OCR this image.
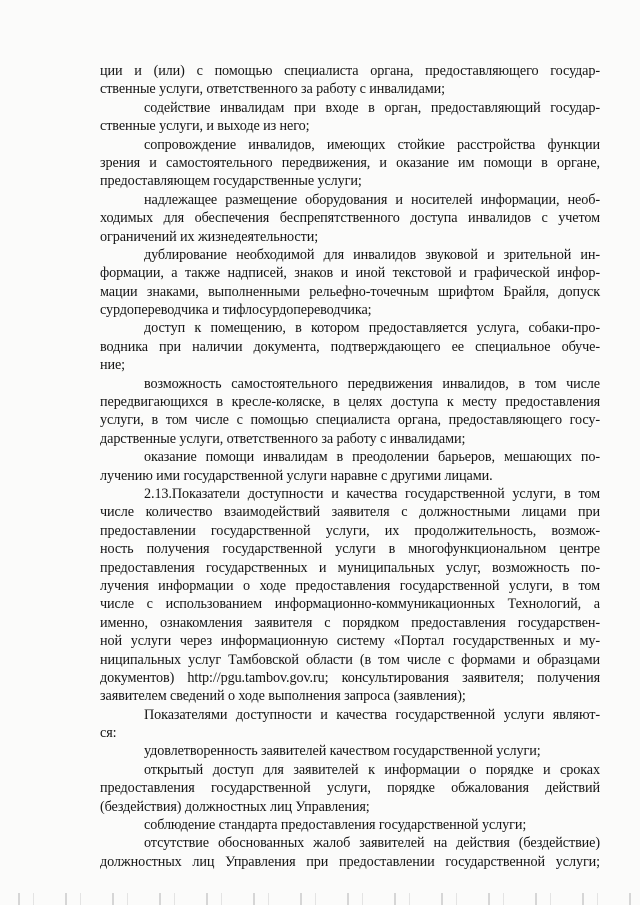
ции и (или) с помощью специалиста органа, предоставляющего государ-
ственные услуги, ответственного за работу с инвалидами;
содействие инвалидам при входе в орган, предоставляющий государ-
ственные услуги, и выходе из него;
сопровождение инвалидов, имеющих стойкие расстройства функции
зрения и самостоятельного передвижения, и оказание им помощи в органе,
предоставляющем государственные услуги;
надлежащее размещение оборудования и носителей информации, необ-
ходимых для обеспечения беспрепятственного доступа инвалидов с учетом
ограничений их жизнедеятельности;
дублирование необходимой для инвалидов звуковой и зрительной ин-
формации, а также надписей, знаков и иной текстовой и графической инфор-
мации знаками, выполненными рельефно-точечным шрифтом Брайля, допуск
сурдопереводчика и тифлосурдопереводчика;
доступ к помещению, в котором предоставляется услуга, собаки-про-
водника при наличии документа, подтверждающего ее специальное обуче-
ние;
возможность самостоятельного передвижения инвалидов, в том числе
передвигающихся в кресле-коляске, в целях доступа к месту предоставления
услуги, в том числе с помощью специалиста органа, предоставляющего госу-
дарственные услуги, ответственного за работу с инвалидами;
оказание помощи инвалидам в преодолении барьеров, мешающих по-
лучению ими государственной услуги наравне с другими лицами.
2.13.Показатели доступности и качества государственной услуги, в том
числе количество взаимодействий заявителя с должностными лицами при
предоставлении государственной услуги, их продолжительность, возмож-
ность получения государственной услуги в многофункциональном центре
предоставления государственных и муниципальных услуг, возможность по-
лучения информации о ходе предоставления государственной услуги, в том
числе с использованием информационно-коммуникационных Технологий, а
именно, ознакомления заявителя с порядком предоставления государствен-
ной услуги через информационную систему «Портал государственных и му-
ниципальных услуг Тамбовской области (в том числе с формами и образцами
документов) http://pgu.tambov.gov.ru; консультирования заявителя; получения
заявителем сведений о ходе выполнения запроса (заявления);
Показателями доступности и качества государственной услуги являют-
ся:
удовлетворенность заявителей качеством государственной услуги;
открытый доступ для заявителей к информации о порядке и сроках
предоставления государственной услуги, порядке обжалования действий
(бездействия) должностных лиц Управления;
соблюдение стандарта предоставления государственной услуги;
отсутствие обоснованных жалоб заявителей на действия (бездействие)
должностных лиц Управления при предоставлении государственной услуги;
